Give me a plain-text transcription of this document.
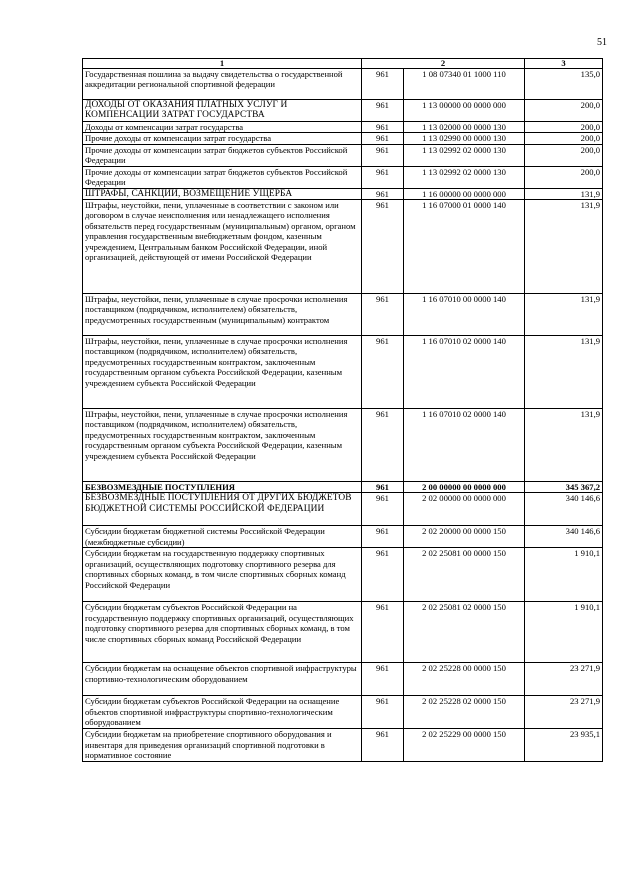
51
1	2		3
Государственная пошлина за выдачу свидетельства о государственной аккредитации региональной спортивной федерации	961	1 08 07340 01 1000 110	135,0
ДОХОДЫ ОТ ОКАЗАНИЯ ПЛАТНЫХ УСЛУГ И КОМПЕНСАЦИИ ЗАТРАТ ГОСУДАРСТВА	961	1 13 00000 00 0000 000	200,0
Доходы от компенсации затрат государства	961	1 13 02000 00 0000 130	200,0
Прочие доходы от компенсации затрат государства	961	1 13 02990 00 0000 130	200,0
Прочие доходы от компенсации затрат бюджетов субъектов Российской Федерации	961	1 13 02992 02 0000 130	200,0
Прочие доходы от компенсации затрат бюджетов субъектов Российской Федерации	961	1 13 02992 02 0000 130	200,0
ШТРАФЫ, САНКЦИИ, ВОЗМЕЩЕНИЕ УЩЕРБА	961	1 16 00000 00 0000 000	131,9
Штрафы, неустойки, пени, уплаченные в соответствии с законом или договором в случае неисполнения или ненадлежащего исполнения обязательств перед государственным (муниципальным) органом, органом управления государственным внебюджетным фондом, казенным учреждением, Центральным банком Российской Федерации, иной организацией, действующей от имени Российской Федерации	961	1 16 07000 01 0000 140	131,9
Штрафы, неустойки, пени, уплаченные в случае просрочки исполнения поставщиком (подрядчиком, исполнителем) обязательств, предусмотренных государственным (муниципальным) контрактом	961	1 16 07010 00 0000 140	131,9
Штрафы, неустойки, пени, уплаченные в случае просрочки исполнения поставщиком (подрядчиком, исполнителем) обязательств, предусмотренных государственным контрактом, заключенным государственным органом субъекта Российской Федерации, казенным учреждением субъекта Российской Федерации	961	1 16 07010 02 0000 140	131,9
Штрафы, неустойки, пени, уплаченные в случае просрочки исполнения поставщиком (подрядчиком, исполнителем) обязательств, предусмотренных государственным контрактом, заключенным государственным органом субъекта Российской Федерации, казенным учреждением субъекта Российской Федерации	961	1 16 07010 02 0000 140	131,9
БЕЗВОЗМЕЗДНЫЕ ПОСТУПЛЕНИЯ	961	2 00 00000 00 0000 000	345 367,2
БЕЗВОЗМЕЗДНЫЕ ПОСТУПЛЕНИЯ ОТ ДРУГИХ БЮДЖЕТОВ БЮДЖЕТНОЙ СИСТЕМЫ РОССИЙСКОЙ ФЕДЕРАЦИИ	961	2 02 00000 00 0000 000	340 146,6
Субсидии бюджетам бюджетной системы Российской Федерации (межбюджетные субсидии)	961	2 02 20000 00 0000 150	340 146,6
Субсидии бюджетам на государственную поддержку спортивных организаций, осуществляющих подготовку спортивного резерва для спортивных сборных команд, в том числе спортивных сборных команд Российской Федерации	961	2 02 25081 00 0000 150	1 910,1
Субсидии бюджетам субъектов Российской Федерации на государственную поддержку спортивных организаций, осуществляющих подготовку спортивного резерва для спортивных сборных команд, в том числе спортивных сборных команд Российской Федерации	961	2 02 25081 02 0000 150	1 910,1
Субсидии бюджетам на оснащение объектов спортивной инфраструктуры спортивно-технологическим оборудованием	961	2 02 25228 00 0000 150	23 271,9
Субсидии бюджетам субъектов Российской Федерации на оснащение объектов спортивной инфраструктуры спортивно-технологическим оборудованием	961	2 02 25228 02 0000 150	23 271,9
Субсидии бюджетам на приобретение спортивного оборудования и инвентаря для приведения организаций спортивной подготовки в нормативное состояние	961	2 02 25229 00 0000 150	23 935,1
